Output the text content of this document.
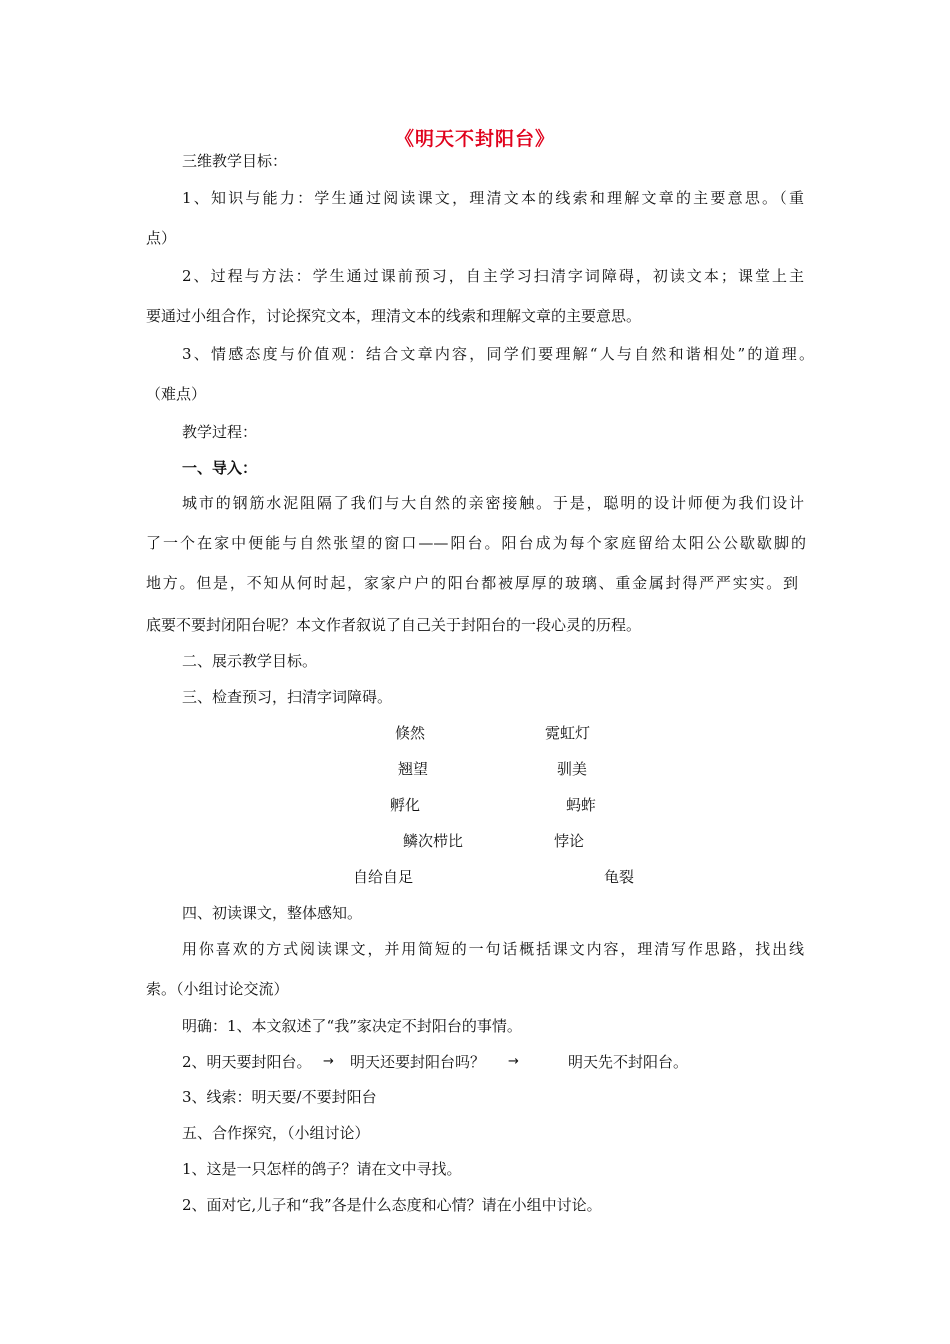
《明天不封阳台》
三维教学目标：
1、知识与能力：学生通过阅读课文，理清文本的线索和理解文章的主要意思。（重
点）
2、过程与方法：学生通过课前预习，自主学习扫清字词障碍，初读文本；课堂上主
要通过小组合作，讨论探究文本，理清文本的线索和理解文章的主要意思。
3、情感态度与价值观：结合文章内容，同学们要理解“人与自然和谐相处”的道理。
（难点）
教学过程：
一、导入：
城市的钢筋水泥阻隔了我们与大自然的亲密接触。于是，聪明的设计师便为我们设计
了一个在家中便能与自然张望的窗口——阳台。阳台成为每个家庭留给太阳公公歇歇脚的
地方。但是，不知从何时起，家家户户的阳台都被厚厚的玻璃、重金属封得严严实实。到
底要不要封闭阳台呢？本文作者叙说了自己关于封阳台的一段心灵的历程。
二、展示教学目标。
三、检查预习，扫清字词障碍。
倏然	霓虹灯
翘望	驯美
孵化	蚂蚱
鳞次栉比	悖论
自给自足	龟裂
四、初读课文，整体感知。
用你喜欢的方式阅读课文，并用简短的一句话概括课文内容，理清写作思路，找出线
索。（小组讨论交流）
明确：1、本文叙述了“我”家决定不封阳台的事情。
2、明天要封阳台。 → 明天还要封阳台吗？ →	明天先不封阳台。
3、线索：明天要/不要封阳台
五、合作探究，（小组讨论）
1、这是一只怎样的鸽子？请在文中寻找。
2、面对它,儿子和“我”各是什么态度和心情？请在小组中讨论。
